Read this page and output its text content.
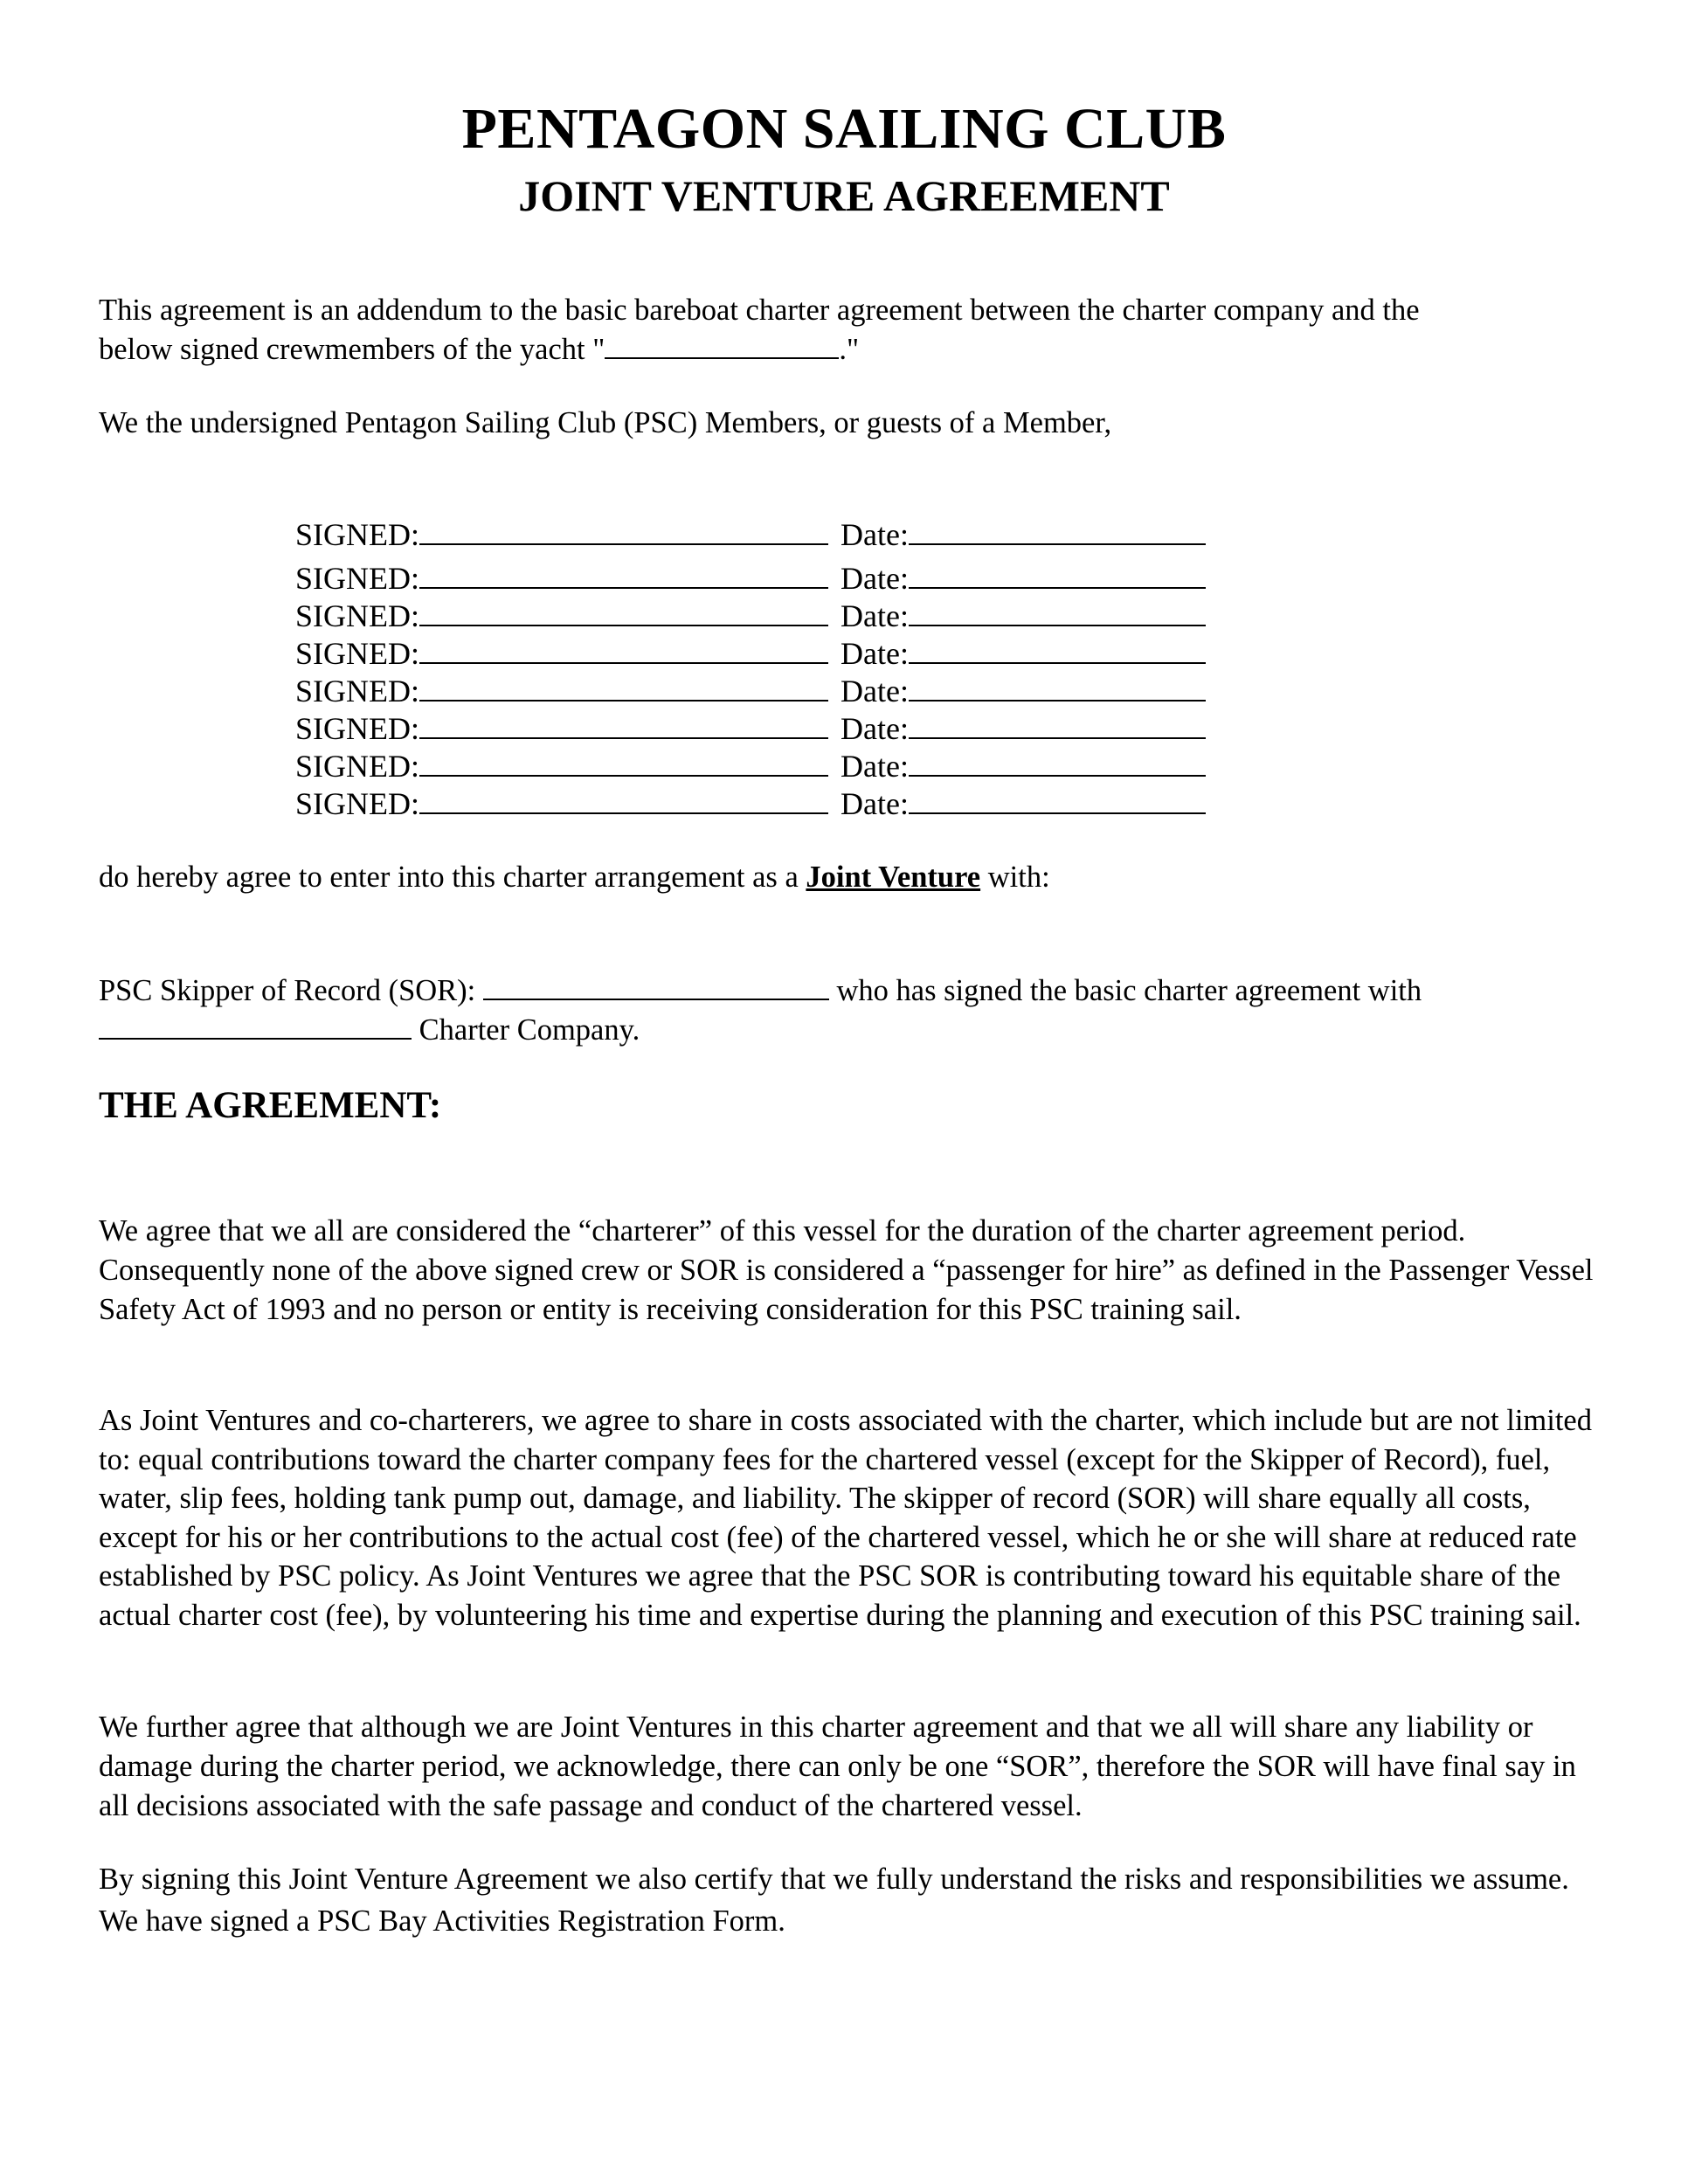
PENTAGON SAILING CLUB
JOINT VENTURE AGREEMENT

This agreement is an addendum to the basic bareboat charter agreement between the charter company and the
below signed crewmembers of the yacht "	."

We the undersigned Pentagon Sailing Club (PSC) Members, or guests of a Member,

SIGNED:	Date:
SIGNED:	Date:
SIGNED:	Date:
SIGNED:	Date:
SIGNED:	Date:
SIGNED:	Date:
SIGNED:	Date:
SIGNED:	Date:

do hereby agree to enter into this charter arrangement as a Joint Venture with:

PSC Skipper of Record (SOR):	who has signed the basic charter agreement with
Charter Company.

THE AGREEMENT:

We agree that we all are considered the “charterer” of this vessel for the duration of the charter agreement period. Consequently none of the above signed crew or SOR is considered a “passenger for hire” as defined in the Passenger Vessel Safety Act of 1993 and no person or entity is receiving consideration for this PSC training sail.

As Joint Ventures and co-charterers, we agree to share in costs associated with the charter, which include but are not limited to: equal contributions toward the charter company fees for the chartered vessel (except for the Skipper of Record), fuel, water, slip fees, holding tank pump out, damage, and liability. The skipper of record (SOR) will share equally all costs, except for his or her contributions to the actual cost (fee) of the chartered vessel, which he or she will share at reduced rate established by PSC policy. As Joint Ventures we agree that the PSC SOR is contributing toward his equitable share of the actual charter cost (fee), by volunteering his time and expertise during the planning and execution of this PSC training sail.

We further agree that although we are Joint Ventures in this charter agreement and that we all will share any liability or damage during the charter period, we acknowledge, there can only be one “SOR”, therefore the SOR will have final say in all decisions associated with the safe passage and conduct of the chartered vessel.

By signing this Joint Venture Agreement we also certify that we fully understand the risks and responsibilities we assume. We have signed a PSC Bay Activities Registration Form.
